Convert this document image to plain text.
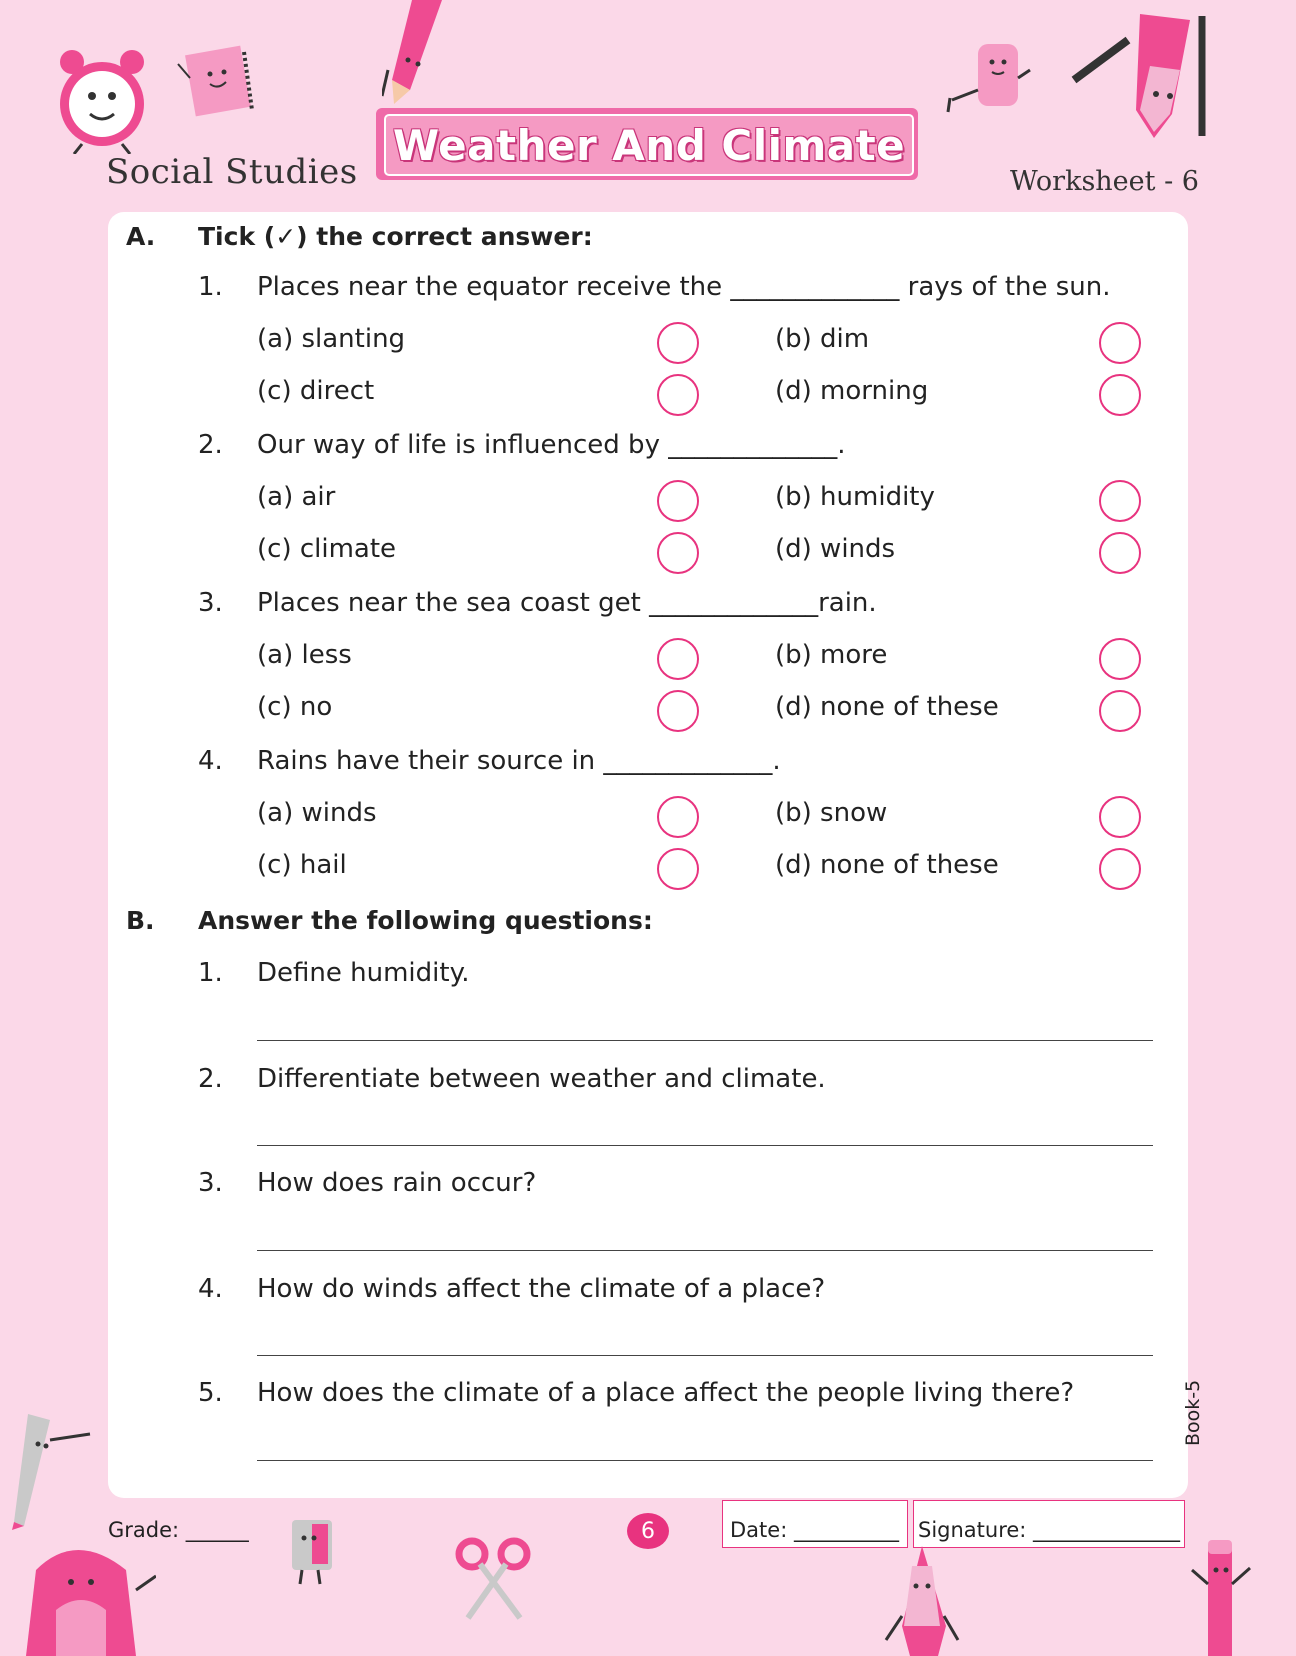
Social Studies
Weather And Climate
Worksheet - 6
A. Tick (✓) the correct answer:
1. Places near the equator receive the _____________ rays of the sun.
(a) slanting	(b) dim
(c) direct	(d) morning
2. Our way of life is influenced by _____________.
(a) air	(b) humidity
(c) climate	(d) winds
3. Places near the sea coast get _____________rain.
(a) less	(b) more
(c) no	(d) none of these
4. Rains have their source in _____________.
(a) winds	(b) snow
(c) hail	(d) none of these
B. Answer the following questions:
1. Define humidity.
2. Differentiate between weather and climate.
3. How does rain occur?
4. How do winds affect the climate of a place?
5. How does the climate of a place affect the people living there?	Book-5
Grade: ______	6	Date: __________ Signature: ______________
